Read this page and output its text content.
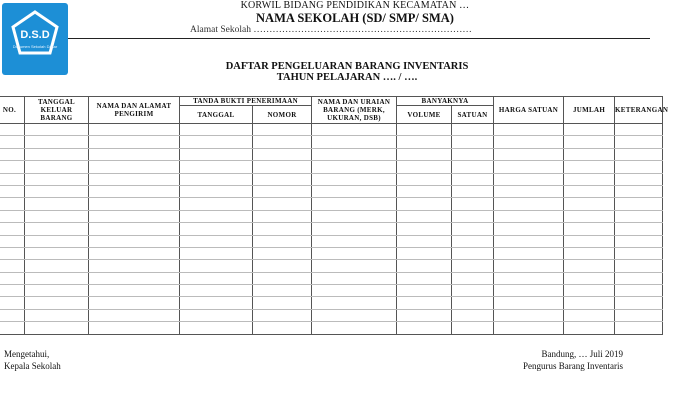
D.S.D
Dokumen Sekolah Dasar
KORWIL BIDANG PENDIDIKAN KECAMATAN …
NAMA SEKOLAH (SD/ SMP/ SMA)
Alamat Sekolah ……………………………………………………………
DAFTAR PENGELUARAN BARANG INVENTARIS
TAHUN PELAJARAN …. / ….
NO.	TANGGAL KELUAR BARANG	NAMA DAN ALAMAT PENGIRIM	TANDA BUKTI PENERIMAAN		NAMA DAN URAIAN BARANG (MERK, UKURAN, DSB)	BANYAKNYA		HARGA SATUAN	JUMLAH	KETERANGAN
			TANGGAL	NOMOR		VOLUME	SATUAN			

Mengetahui,
Kepala Sekolah
Bandung, … Juli 2019
Pengurus Barang Inventaris
